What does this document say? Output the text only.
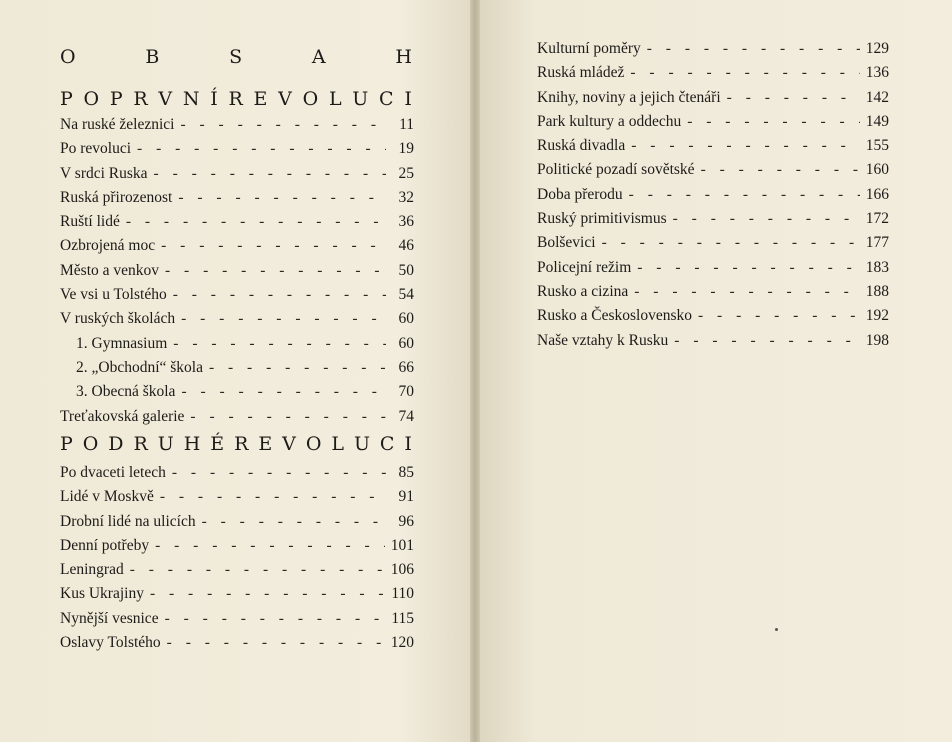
O	B	S	A	H
P O P R V N Í R E V O L U C I
Na ruské železnici - - -	11
Po revoluci - - -	19
V srdci Ruska - - -	25
Ruská přirozenost - - -	32
Ruští lidé - - -	36
Ozbrojená moc - - -	46
Město a venkov - - -	50
Ve vsi u Tolstého - - -	54
V ruských školách - - -	60
1. Gymnasium - - -	60
2. „Obchodní“ škola - - -	66
3. Obecná škola - - -	70
Treťakovská galerie - - -	74
P O D R U H É R E V O L U C I
Po dvaceti letech - - -	85
Lidé v Moskvě - - -	91
Drobní lidé na ulicích - - -	96
Denní potřeby - - -	101
Leningrad - - -	106
Kus Ukrajiny - - -	110
Nynější vesnice - - -	115
Oslavy Tolstého - - -	120
Kulturní poměry - - -	129
Ruská mládež - - -	136
Knihy, noviny a jejich čtenáři - - -	142
Park kultury a oddechu - - -	149
Ruská divadla - - -	155
Politické pozadí sovětské - - -	160
Doba přerodu - - -	166
Ruský primitivismus - - -	172
Bolševici - - -	177
Policejní režim - - -	183
Rusko a cizina - - -	188
Rusko a Československo - - -	192
Naše vztahy k Rusku - - -	198
